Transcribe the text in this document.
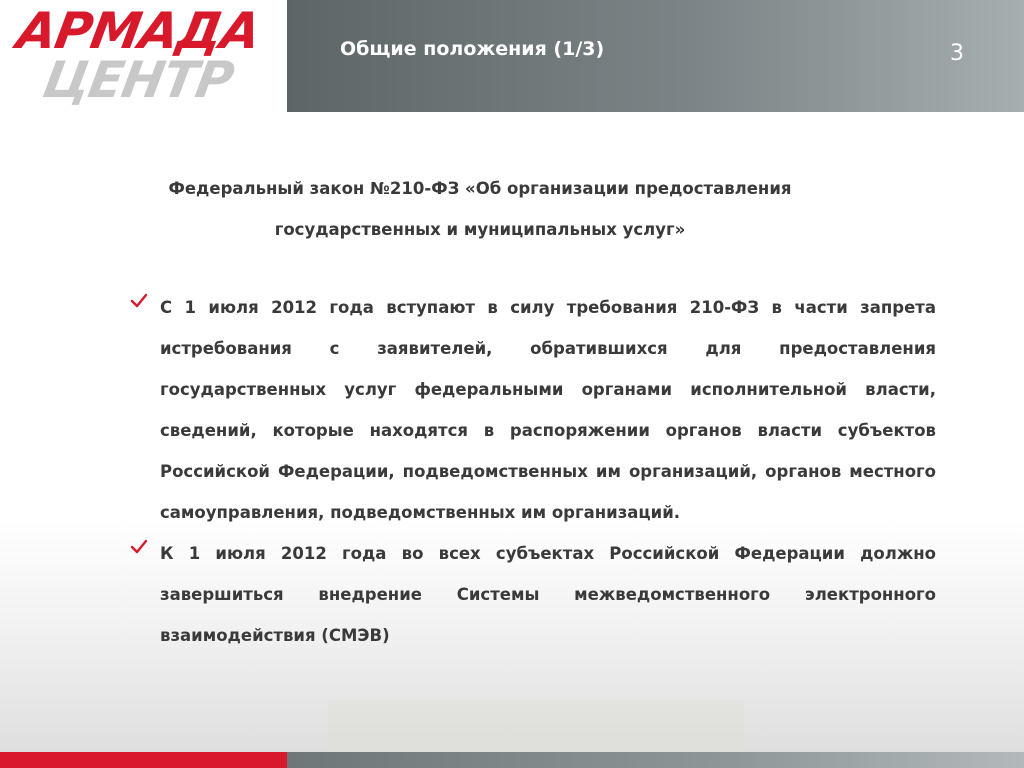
АРМАДА
ЦЕНТР
Общие положения (1/3)	3
Федеральный закон №210-ФЗ «Об организации предоставления
государственных и муниципальных услуг»
С 1 июля 2012 года вступают в силу требования 210-ФЗ в части запрета истребования с заявителей, обратившихся для предоставления государственных услуг федеральными органами исполнительной власти, сведений, которые находятся в распоряжении органов власти субъектов Российской Федерации, подведомственных им организаций, органов местного самоуправления, подведомственных им организаций.
К 1 июля 2012 года во всех субъектах Российской Федерации должно завершиться внедрение Системы межведомственного электронного взаимодействия (СМЭВ)
